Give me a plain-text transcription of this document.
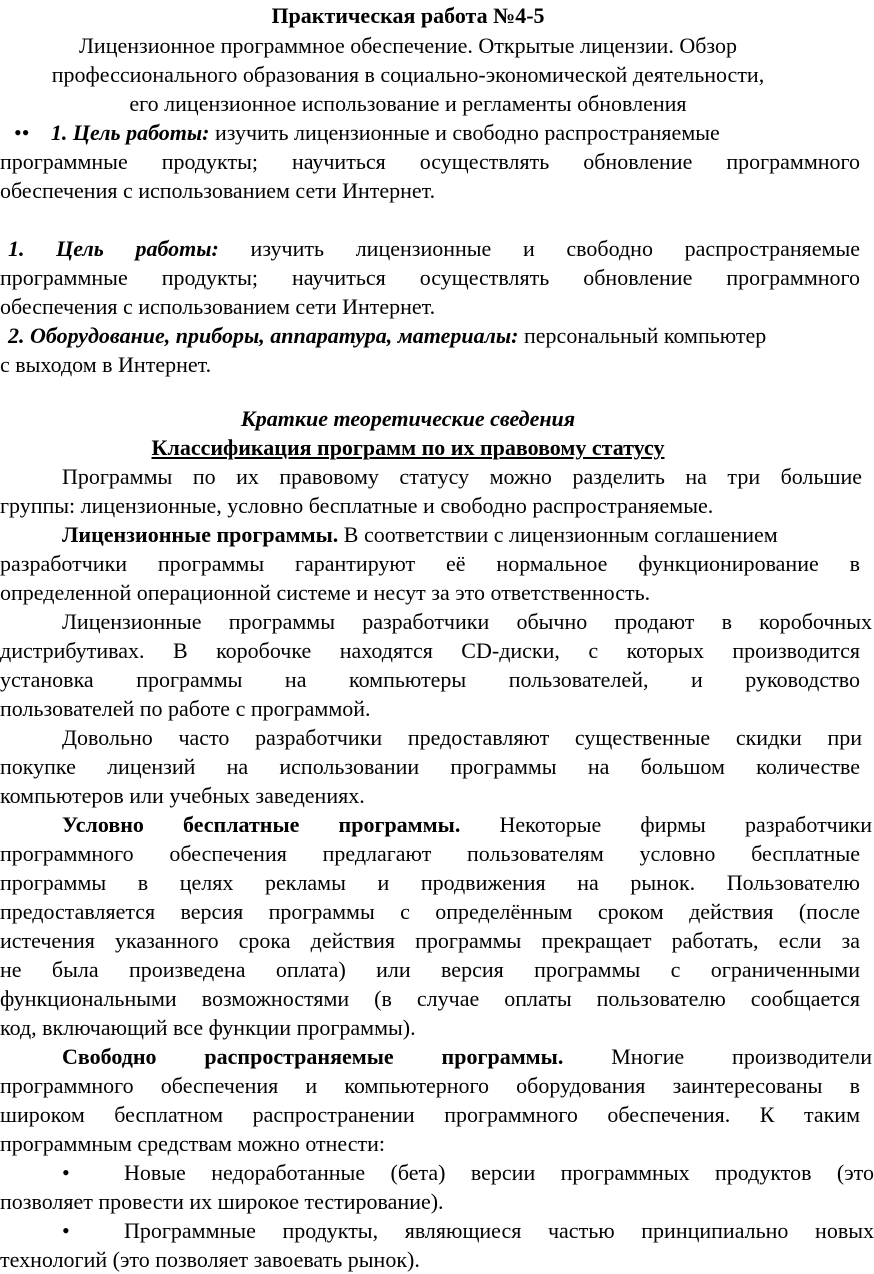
Практическая работа №4-5
Лицензионное программное обеспечение. Открытые лицензии. Обзор
профессионального образования в социально-экономической деятельности,
его лицензионное использование и регламенты обновления
•• 1. Цель работы: изучить лицензионные и свободно распространяемые
программные продукты; научиться осуществлять обновление программного
обеспечения с использованием сети Интернет.
1. Цель работы: изучить лицензионные и свободно распространяемые
программные продукты; научиться осуществлять обновление программного
обеспечения с использованием сети Интернет.
2. Оборудование, приборы, аппаратура, материалы: персональный компьютер
с выходом в Интернет.
Краткие теоретические сведения
Классификация программ по их правовому статусу
Программы по их правовому статусу можно разделить на три большие
группы: лицензионные, условно бесплатные и свободно распространяемые.
Лицензионные программы. В соответствии с лицензионным соглашением
разработчики программы гарантируют её нормальное функционирование в
определенной операционной системе и несут за это ответственность.
Лицензионные программы разработчики обычно продают в коробочных
дистрибутивах. В коробочке находятся CD-диски, с которых производится
установка программы на компьютеры пользователей, и руководство
пользователей по работе с программой.
Довольно часто разработчики предоставляют существенные скидки при
покупке лицензий на использовании программы на большом количестве
компьютеров или учебных заведениях.
Условно бесплатные программы. Некоторые фирмы разработчики
программного обеспечения предлагают пользователям условно бесплатные
программы в целях рекламы и продвижения на рынок. Пользователю
предоставляется версия программы с определённым сроком действия (после
истечения указанного срока действия программы прекращает работать, если за
не была произведена оплата) или версия программы с ограниченными
функциональными возможностями (в случае оплаты пользователю сообщается
код, включающий все функции программы).
Свободно распространяемые программы. Многие производители
программного обеспечения и компьютерного оборудования заинтересованы в
широком бесплатном распространении программного обеспечения. К таким
программным средствам можно отнести:
•	Новые недоработанные (бета) версии программных продуктов (это
позволяет провести их широкое тестирование).
•	Программные продукты, являющиеся частью принципиально новых
технологий (это позволяет завоевать рынок).
